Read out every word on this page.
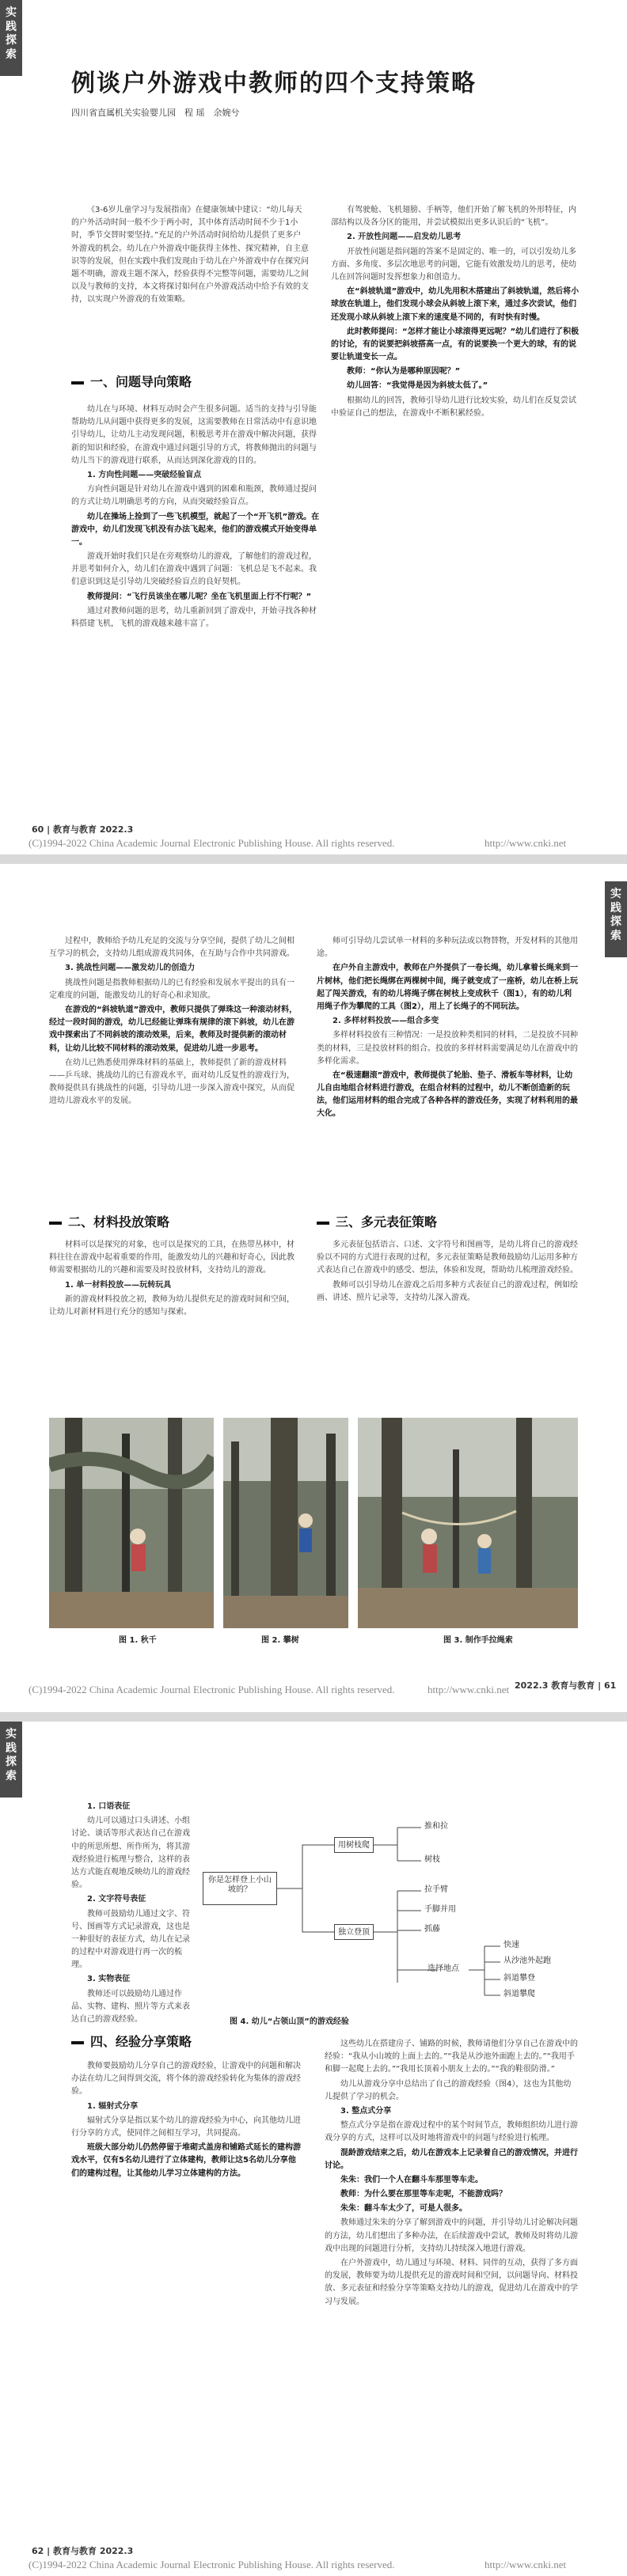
实践探索
例谈户外游戏中教师的四个支持策略
四川省直属机关实验婴儿园　程 瑶　余婉兮
《3-6岁儿童学习与发展指南》在健康领域中建议：“幼儿每天的户外活动时间一般不少于两小时，其中体育活动时间不少于1小时，季节交替时要坚持。”充足的户外活动时间给幼儿提供了更多户外游戏的机会。幼儿在户外游戏中能获得主体性、探究精神，自主意识等的发展，但在实践中我们发现由于幼儿在户外游戏中存在探究问题不明确，游戏主题不深入，经验获得不完整等问题，需要幼儿之间以及与教师的支持，本文将探讨如何在户外游戏活动中给予有效的支持，以实现户外游戏的有效策略。
一、问题导向策略

幼儿在与环境、材料互动时会产生很多问题。适当的支持与引导能帮助幼儿从问题中获得更多的发展，这需要教师在日常活动中有意识地引导幼儿，让幼儿主动发现问题，积极思考并在游戏中解决问题，获得新的知识和经验，在游戏中通过问题引导的方式，将教师抛出的问题与幼儿当下的游戏进行联系，从而达到深化游戏的目的。

1. 方向性问题——突破经验盲点

方向性问题是针对幼儿在游戏中遇到的困难和瓶颈，教师通过提问的方式让幼儿明确思考的方向，从而突破经验盲点。

幼儿在操场上捡到了一些飞机模型，就起了一个“开飞机”游戏。在游戏中，幼儿们发现飞机没有办法飞起来，他们的游戏模式开始变得单一。

游戏开始时我们只是在旁观察幼儿的游戏，了解他们的游戏过程，并思考如何介入，幼儿们在游戏中遇到了问题：飞机总是飞不起来。我们意识到这是引导幼儿突破经验盲点的良好契机。

教师提问：“飞行员该坐在哪儿呢？坐在飞机里面上行不行呢？”

通过对教师问题的思考，幼儿重新回到了游戏中，开始寻找各种材料搭建飞机，飞机的游戏越来越丰富了。

有驾驶舱、飞机翅膀、手柄等，他们开始了解飞机的外形特征，内部结构以及各分区的能用，并尝试模拟出更多认识后的“飞机”。

2. 开放性问题——启发幼儿思考

开放性问题是指问题的答案不是固定的、唯一的，可以引发幼儿多方面、多角度、多层次地思考的问题，它能有效激发幼儿的思考，使幼儿在回答问题时发挥想象力和创造力。

在“斜坡轨道”游戏中，幼儿先用积木搭建出了斜坡轨道，然后将小球放在轨道上，他们发现小球会从斜坡上滚下来，通过多次尝试，他们还发现小球从斜坡上滚下来的速度是不同的，有时快有时慢。

此时教师提问：“怎样才能让小球滚得更远呢？”幼儿们进行了积极的讨论，有的说要把斜坡搭高一点，有的说要换一个更大的球，有的说要让轨道变长一点。

教师：“你认为是哪种原因呢？”

幼儿回答：“我觉得是因为斜坡太低了。”

根据幼儿的回答，教师引导幼儿进行比较实验，幼儿们在反复尝试中验证自己的想法，在游戏中不断积累经验。

60 | 教育与教育 2022.3
(C)1994-2022 China Academic Journal Electronic Publishing House. All rights reserved.	http://www.cnki.net
实践探索

过程中，教师给予幼儿充足的交流与分享空间，提供了幼儿之间相互学习的机会，支持幼儿组成游戏共同体，在互助与合作中共同游戏。

3. 挑战性问题——激发幼儿的创造力

挑战性问题是指教师根据幼儿的已有经验和发展水平提出的具有一定难度的问题，能激发幼儿的好奇心和求知欲。

在游戏的“斜坡轨道”游戏中，教师只提供了弹珠这一种滚动材料，经过一段时间的游戏，幼儿已经能让弹珠有规律的滚下斜坡，幼儿在游戏中探索出了不同斜坡的滚动效果，后来，教师及时提供新的滚动材料，让幼儿比较不同材料的滚动效果，促进幼儿进一步思考。

在幼儿已熟悉使用弹珠材料的基础上，教师提供了新的游戏材料——乒乓球、挑战幼儿的已有游戏水平，面对幼儿反复性的游戏行为，教师提供具有挑战性的问题，引导幼儿进一步深入游戏中探究，从而促进幼儿游戏水平的发展。

二、材料投放策略

材料可以是探究的对象，也可以是探究的工具，在热带丛林中，材料往往在游戏中起着重要的作用，能激发幼儿的兴趣和好奇心，因此教师需要根据幼儿的兴趣和需要及时投放材料，支持幼儿的游戏。

1. 单一材料投放——玩转玩具

新的游戏材料投放之初，教师为幼儿提供充足的游戏时间和空间，让幼儿对新材料进行充分的感知与探索。

师可引导幼儿尝试单一材料的多种玩法或以物替物，开发材料的其他用途。

在户外自主游戏中，教师在户外提供了一卷长绳，幼儿拿着长绳来到一片树林，他们把长绳绑在两棵树中间，绳子就变成了一座桥，幼儿在桥上玩起了闯关游戏，有的幼儿将绳子绑在树枝上变成秋千（图1），有的幼儿利用绳子作为攀爬的工具（图2），用上了长绳子的不同玩法。

2. 多样材料投放——组合多变

多样材料投放有三种情况：一是投放种类相同的材料，二是投放不同种类的材料，三是投放材料的组合。投放的多样材料需要满足幼儿在游戏中的多样化需求。

在“极速翻滚”游戏中，教师提供了轮胎、垫子、滑板车等材料，让幼儿自由地组合材料进行游戏，在组合材料的过程中，幼儿不断创造新的玩法，他们运用材料的组合完成了各种各样的游戏任务，实现了材料利用的最大化。

三、多元表征策略

多元表征包括语言、口述、文字符号和图画等，是幼儿将自己的游戏经验以不同的方式进行表现的过程，多元表征策略是教师鼓励幼儿运用多种方式表达自己在游戏中的感受、想法，体验和发现，帮助幼儿梳理游戏经验。

教师可以引导幼儿在游戏之后用多种方式表征自己的游戏过程，例如绘画、讲述、照片记录等，支持幼儿深入游戏。

图 1. 秋千	图 2. 攀树	图 3. 制作手拉绳索
(C)1994-2022 China Academic Journal Electronic Publishing House. All rights reserved.	http://www.cnki.net 2022.3 教育与教育 | 61
实践探索

1. 口语表征

幼儿可以通过口头讲述、小组讨论、谈话等形式表达自己在游戏中的所思所想、所作所为，将其游戏经验进行梳理与整合，这样的表达方式能直观地反映幼儿的游戏经验。

2. 文字符号表征

教师可鼓励幼儿通过文字、符号、图画等方式记录游戏，这也是一种很好的表征方式，幼儿在记录的过程中对游戏进行再一次的梳理。

3. 实物表征

教师还可以鼓励幼儿通过作品、实物、建构、照片等方式来表达自己的游戏经验。

你是怎样登上小山坡的？
用树枝爬
独立登顶
推和拉
树枝
拉手臂
手脚并用
抓藤
快速
从沙池外起跑
选择地点
斜道攀登
斜道攀爬
图 4. 幼儿“占领山顶”的游戏经验
四、经验分享策略

教师要鼓励幼儿分享自己的游戏经验，让游戏中的问题和解决办法在幼儿之间得到交流，将个体的游戏经验转化为集体的游戏经验。

1. 辐射式分享

辐射式分享是指以某个幼儿的游戏经验为中心，向其他幼儿进行分享的方式，使同伴之间相互学习，共同提高。

班级大部分幼儿仍然停留于堆砌式盖房和铺路式延长的建构游戏水平，仅有5名幼儿进行了立体建构，教师让这5名幼儿分享他们的建构过程，让其他幼儿学习立体建构的方法。

这些幼儿在搭建房子、铺路的时候，教师请他们分享自己在游戏中的经验：“我从小山坡的上面上去的。”“我是从沙池外面跑上去的。”“我用手和脚一起爬上去的。”“我用长顶着小朋友上去的。”“我的鞋很防滑。”

幼儿从游戏分享中总结出了自己的游戏经验（图4），这也为其他幼儿提供了学习的机会。

3. 整点式分享

整点式分享是指在游戏过程中的某个时间节点，教师组织幼儿进行游戏分享的方式，这样可以及时地将游戏中的问题与经验进行梳理。

混龄游戏结束之后，幼儿在游戏本上记录着自己的游戏情况，并进行讨论。

朱朱：我们一个人在翻斗车那里等车走。

教师：为什么要在那里等车走呢，不能游戏吗？

朱朱：翻斗车太少了，可是人很多。

教师通过朱朱的分享了解到游戏中的问题，并引导幼儿讨论解决问题的方法，幼儿们想出了多种办法，在后续游戏中尝试，教师及时将幼儿游戏中出现的问题进行分析，支持幼儿持续深入地进行游戏。

在户外游戏中，幼儿通过与环境、材料、同伴的互动，获得了多方面的发展，教师要为幼儿提供充足的游戏时间和空间，以问题导向、材料投放、多元表征和经验分享等策略支持幼儿的游戏，促进幼儿在游戏中的学习与发展。

62 | 教育与教育 2022.3
(C)1994-2022 China Academic Journal Electronic Publishing House. All rights reserved.	http://www.cnki.net
